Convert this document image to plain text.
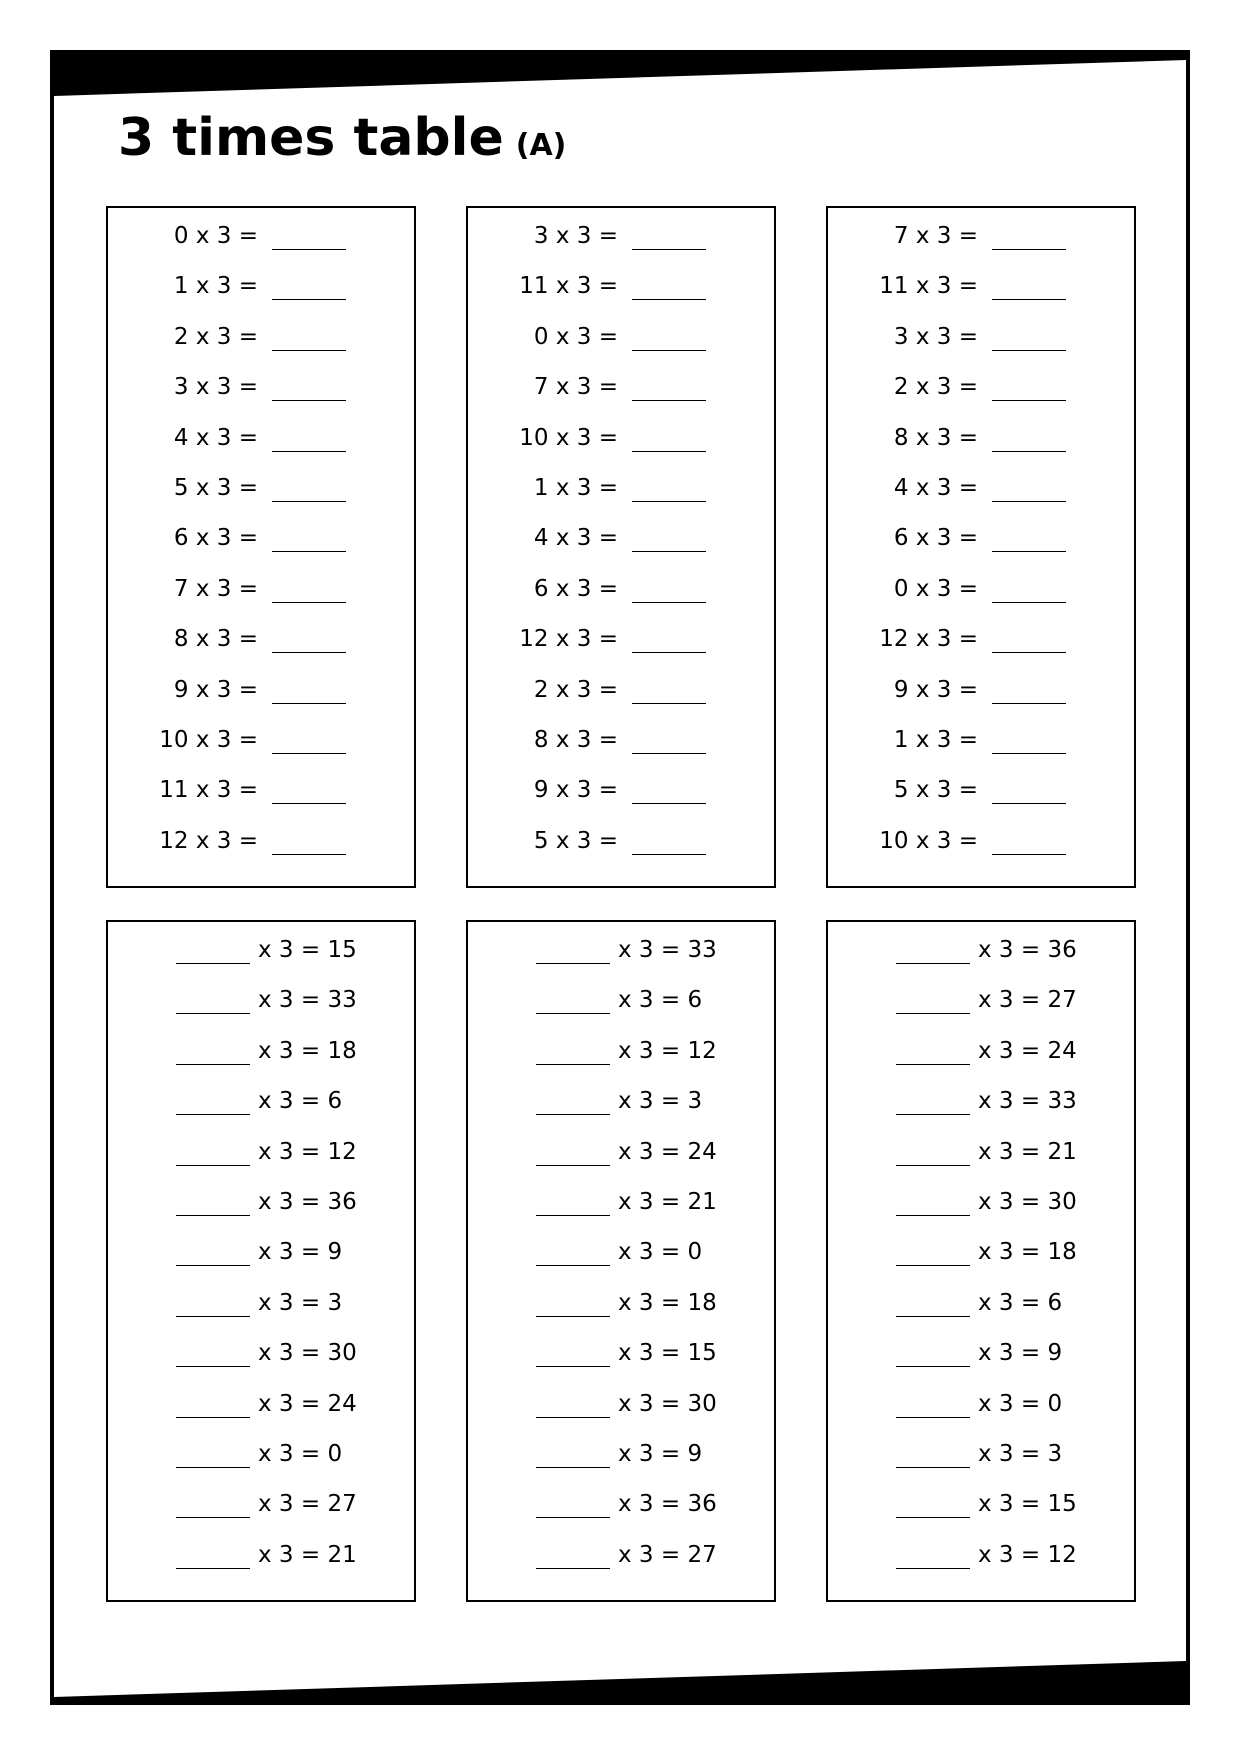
3 times table (A)
© Operation Maths
0 x 3 =
1 x 3 =
2 x 3 =
3 x 3 =
4 x 3 =
5 x 3 =
6 x 3 =
7 x 3 =
8 x 3 =
9 x 3 =
10 x 3 =
11 x 3 =
12 x 3 =
3 x 3 =
11 x 3 =
0 x 3 =
7 x 3 =
10 x 3 =
1 x 3 =
4 x 3 =
6 x 3 =
12 x 3 =
2 x 3 =
8 x 3 =
9 x 3 =
5 x 3 =
7 x 3 =
11 x 3 =
3 x 3 =
2 x 3 =
8 x 3 =
4 x 3 =
6 x 3 =
0 x 3 =
12 x 3 =
9 x 3 =
1 x 3 =
5 x 3 =
10 x 3 =
x 3 = 15
x 3 = 33
x 3 = 18
x 3 = 6
x 3 = 12
x 3 = 36
x 3 = 9
x 3 = 3
x 3 = 30
x 3 = 24
x 3 = 0
x 3 = 27
x 3 = 21
x 3 = 33
x 3 = 6
x 3 = 12
x 3 = 3
x 3 = 24
x 3 = 21
x 3 = 0
x 3 = 18
x 3 = 15
x 3 = 30
x 3 = 9
x 3 = 36
x 3 = 27
x 3 = 36
x 3 = 27
x 3 = 24
x 3 = 33
x 3 = 21
x 3 = 30
x 3 = 18
x 3 = 6
x 3 = 9
x 3 = 0
x 3 = 3
x 3 = 15
x 3 = 12
